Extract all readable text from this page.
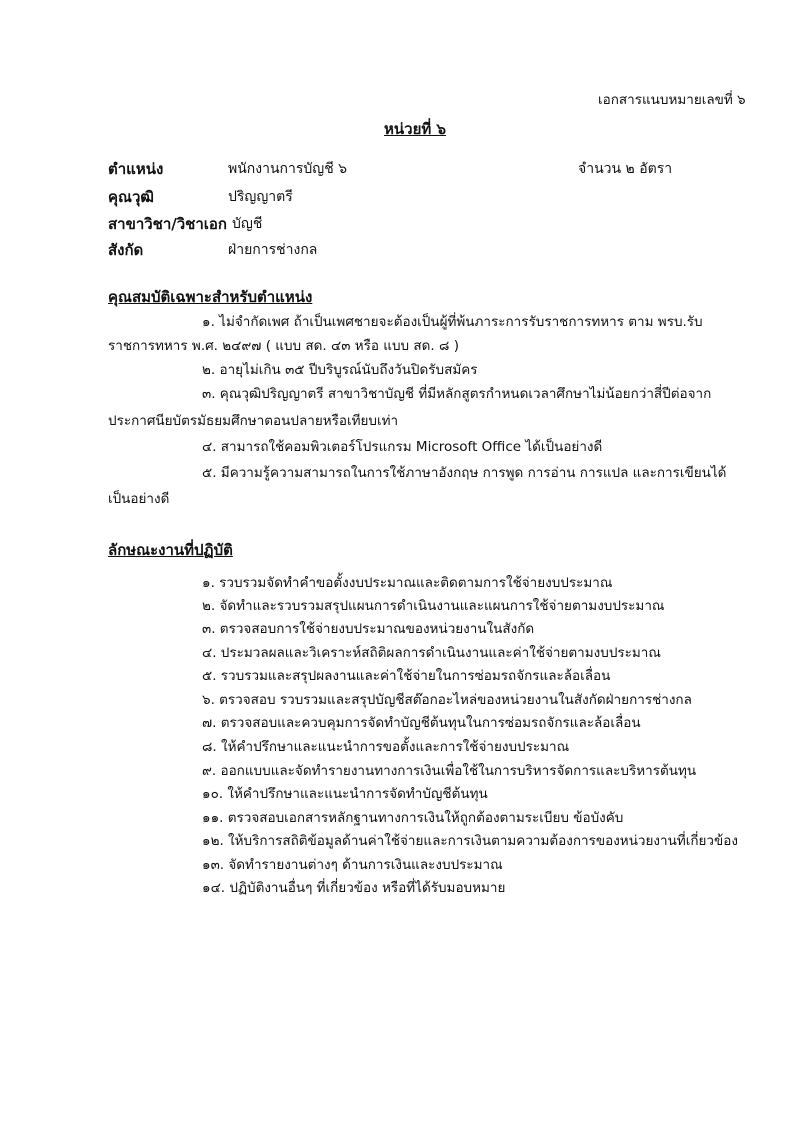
เอกสารแนบหมายเลขที่ ๖
หน่วยที่ ๖
ตำแหน่ง	พนักงานการบัญชี ๖	จำนวน ๒ อัตรา
คุณวุฒิ	ปริญญาตรี
สาขาวิชา/วิชาเอก บัญชี
สังกัด	ฝ่ายการช่างกล
คุณสมบัติเฉพาะสำหรับตำแหน่ง
๑. ไม่จำกัดเพศ ถ้าเป็นเพศชายจะต้องเป็นผู้ที่พ้นภาระการรับราชการทหาร ตาม พรบ.รับ
ราชการทหาร พ.ศ. ๒๔๙๗ ( แบบ สด. ๔๓ หรือ แบบ สด. ๘ )
๒. อายุไม่เกิน ๓๕ ปีบริบูรณ์นับถึงวันปิดรับสมัคร
๓. คุณวุฒิปริญญาตรี สาขาวิชาบัญชี ที่มีหลักสูตรกำหนดเวลาศึกษาไม่น้อยกว่าสี่ปีต่อจาก
ประกาศนียบัตรมัธยมศึกษาตอนปลายหรือเทียบเท่า
๔. สามารถใช้คอมพิวเตอร์โปรแกรม Microsoft Office ได้เป็นอย่างดี
๕. มีความรู้ความสามารถในการใช้ภาษาอังกฤษ การพูด การอ่าน การแปล และการเขียนได้
เป็นอย่างดี
ลักษณะงานที่ปฏิบัติ
๑. รวบรวมจัดทำคำขอตั้งงบประมาณและติดตามการใช้จ่ายงบประมาณ
๒. จัดทำและรวบรวมสรุปแผนการดำเนินงานและแผนการใช้จ่ายตามงบประมาณ
๓. ตรวจสอบการใช้จ่ายงบประมาณของหน่วยงานในสังกัด
๔. ประมวลผลและวิเคราะห์สถิติผลการดำเนินงานและค่าใช้จ่ายตามงบประมาณ
๕. รวบรวมและสรุปผลงานและค่าใช้จ่ายในการซ่อมรถจักรและล้อเลื่อน
๖. ตรวจสอบ รวบรวมและสรุปบัญชีสต๊อกอะไหล่ของหน่วยงานในสังกัดฝ่ายการช่างกล
๗. ตรวจสอบและควบคุมการจัดทำบัญชีต้นทุนในการซ่อมรถจักรและล้อเลื่อน
๘. ให้คำปรึกษาและแนะนำการขอตั้งและการใช้จ่ายงบประมาณ
๙. ออกแบบและจัดทำรายงานทางการเงินเพื่อใช้ในการบริหารจัดการและบริหารต้นทุน
๑๐. ให้คำปรึกษาและแนะนำการจัดทำบัญชีต้นทุน
๑๑. ตรวจสอบเอกสารหลักฐานทางการเงินให้ถูกต้องตามระเบียบ ข้อบังคับ
๑๒. ให้บริการสถิติข้อมูลด้านค่าใช้จ่ายและการเงินตามความต้องการของหน่วยงานที่เกี่ยวข้อง
๑๓. จัดทำรายงานต่างๆ ด้านการเงินและงบประมาณ
๑๔. ปฏิบัติงานอื่นๆ ที่เกี่ยวข้อง หรือที่ได้รับมอบหมาย
